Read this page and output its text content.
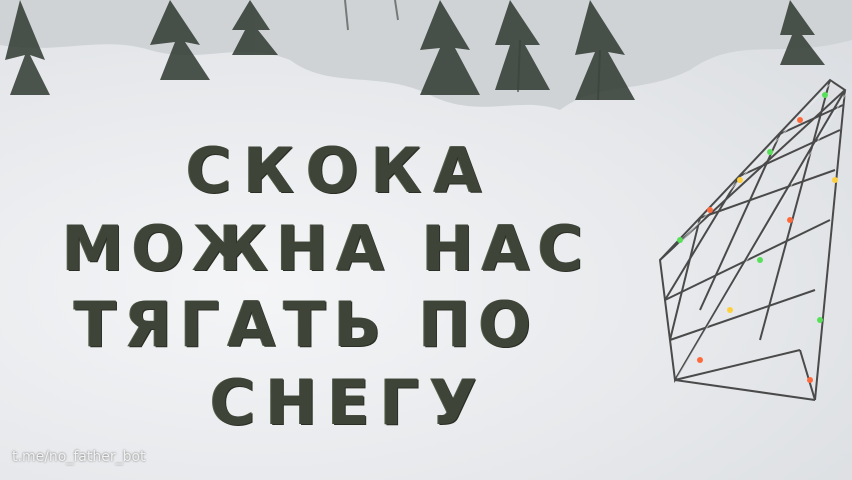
СКОКА
МОЖНА НАС
ТЯГАТЬ ПО
СНЕГУ
t.me/no_father_bot
